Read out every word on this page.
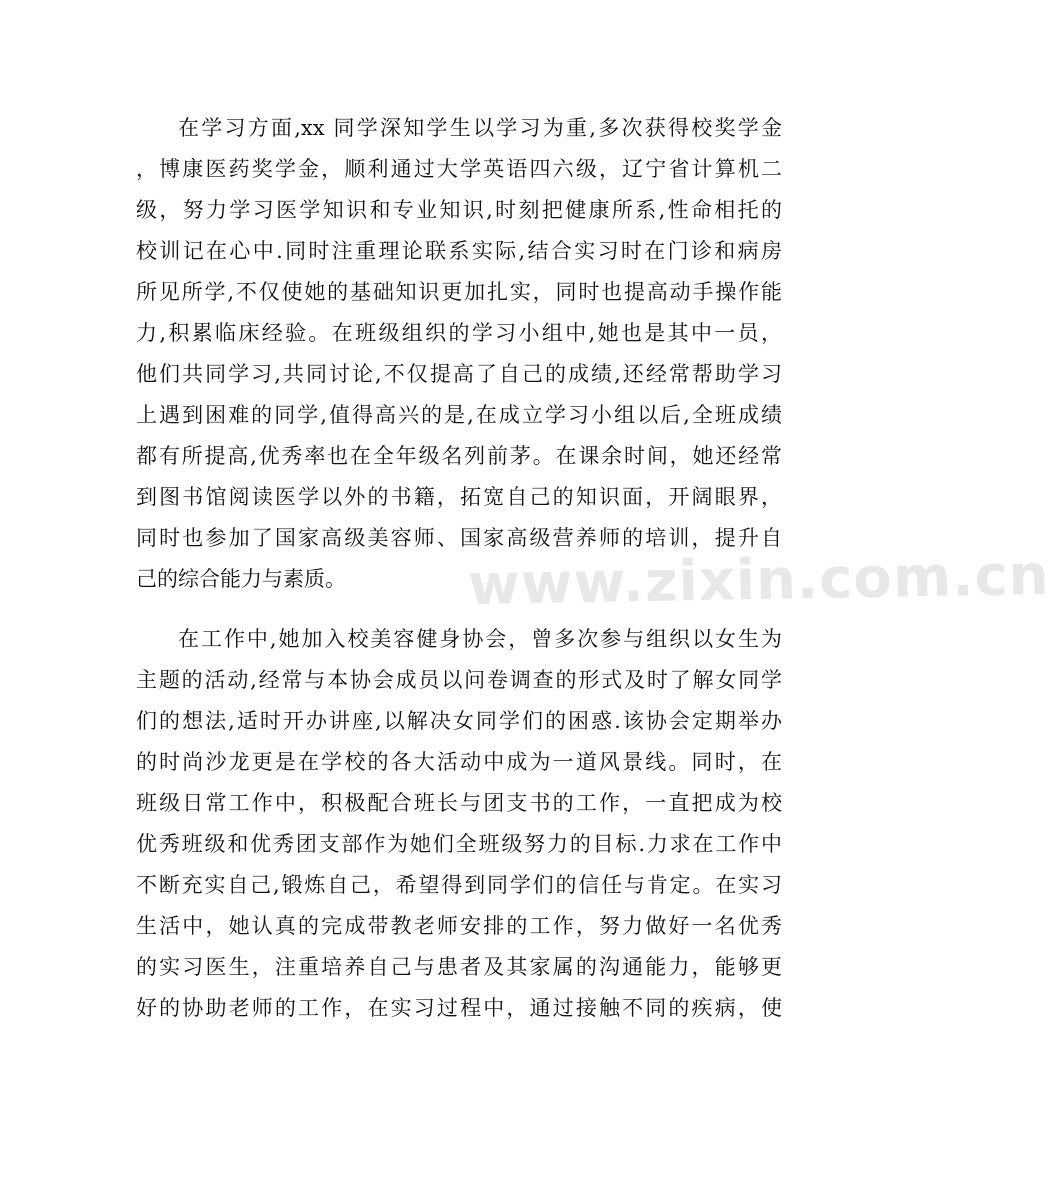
www.zixin.com.cn
在学习方面,xx 同学深知学生以学习为重,多次获得校奖学金
，博康医药奖学金，顺利通过大学英语四六级，辽宁省计算机二
级，努力学习医学知识和专业知识,时刻把健康所系,性命相托的
校训记在心中.同时注重理论联系实际,结合实习时在门诊和病房
所见所学,不仅使她的基础知识更加扎实，同时也提高动手操作能
力,积累临床经验。在班级组织的学习小组中,她也是其中一员，
他们共同学习,共同讨论,不仅提高了自己的成绩,还经常帮助学习
上遇到困难的同学,值得高兴的是,在成立学习小组以后,全班成绩
都有所提高,优秀率也在全年级名列前茅。在课余时间，她还经常
到图书馆阅读医学以外的书籍，拓宽自己的知识面，开阔眼界，
同时也参加了国家高级美容师、国家高级营养师的培训，提升自
己的综合能力与素质。
在工作中,她加入校美容健身协会，曾多次参与组织以女生为
主题的活动,经常与本协会成员以问卷调查的形式及时了解女同学
们的想法,适时开办讲座,以解决女同学们的困惑.该协会定期举办
的时尚沙龙更是在学校的各大活动中成为一道风景线。同时，在
班级日常工作中，积极配合班长与团支书的工作，一直把成为校
优秀班级和优秀团支部作为她们全班级努力的目标.力求在工作中
不断充实自己,锻炼自己，希望得到同学们的信任与肯定。在实习
生活中，她认真的完成带教老师安排的工作，努力做好一名优秀
的实习医生，注重培养自己与患者及其家属的沟通能力，能够更
好的协助老师的工作，在实习过程中，通过接触不同的疾病，使
